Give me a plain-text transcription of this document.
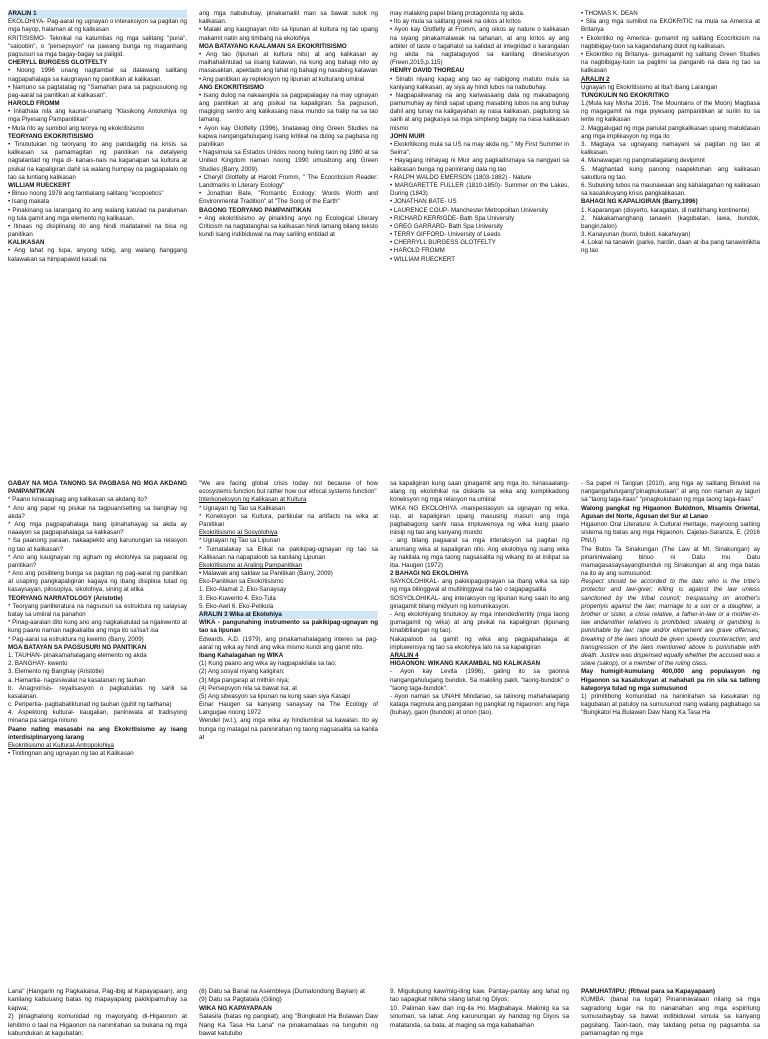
ARALIN 1

EKOLOHIYA- Pag-aaral ng ugnayan o interaksiyon sa pagitan ng mga hayop, halaman at ng kalikasan

KRITISISMO- Teknikal na katumbas ng mga salitang "puna", "saloobin", o "persepsyon" na pawang bunga ng maganhang pagsusuri sa mga bagay-bagay sa paligid.

CHERYLL BURGESS GLOTFELTY

• Noong 1996 unang nagtambal sa dalawang salitang nagpapahalaga sa kaugnayan ng panitikan at kalikasan.

• Namuno sa pagtatatag ng "Samahan para sa pagsusulong ng pag-aaral sa panitikan at kalikasan".

HAROLD FROMM

• Inilathala nila ang kauna-unahang "Klasikong Antolohiya ng mga Piyesang Pampanitikan"

• Mula rito ay sumibol ang teorya ng ekokritisismo

TEORYANG EKOKRITISISMO

• Tinututukan ng teoryang ito ang pandaigdig na krisis sa kalikasan sa pamamagitan ng panitikan na detalyeng naglalantad ng mga di- kanais-nais na kaganapan sa kultura at pisikal na kapaligiran dahil sa walang humpay na pagpapalalo ng tao sa luntiang kalikasan

WILLIAM RUECKERT

• Binuo noong 1978 ang tambalang salitang "ecopoetics"

• Isang makata

• Pinakinang sa larangang ito ang walang katulad na paraluman ng tula gamit ang mga elemento ng kalikasan.

• Itinaas ng disiplinang ito ang hindi maitatakwil na bisa ng panitikan

KALIKASAN

• Ang lahat ng lupa, anyong tubig, ang walang hanggang kalawakan sa himpapawid kasali na

ang mga nabubuhay, pinakamaliit man sa bawat sulok ng kalikasan.

• Malaki ang kaugnayan nito sa lipunan at kultura ng tao upang makamit natin ang timbang na ekolohiya

MGA BATAYANG KAALAMAN SA EKOKRITISISMO

• Ang tao (lipunan at kultura nito) at ang kalikasan ay maihahalintulad sa iisang katawan, na kung ang bahagi nito ay masasaktan, apektado ang lahat ng bahagi ng nasabing katawan

• Ang panitikan ay repleksyon ng lipunan at kulturang umiiral

ANG EKOKRITISISMO

• Isang dulog na nakaangkla sa pagpapalagay na may ugnayan ang panitikan at ang pisikal na kapaligiran. Sa pagsusuri, magiging sentro ang kalikasang nasa mundo sa halip na sa tao lamang.

• Ayon kay Glotfelty (1996), tinatawag ding Green Studies na kapwa nangangahulugang isang kritikal na dulog sa pagbasa ng panitikan

• Nagsimula sa Estados Unidos noong huling taon ng 1980 at sa United Kingdom naman noong 1990 umusbong ang Green Studies (Barry, 2009).

• Cheryll Glotfelty at Harold Fromm, " The Ecocriticism Reader: Landmarks in Literary Ecology"

• Jonathan Bate, "Romantic Ecology: Words Worth and Environmental Tradition" at "The Song of the Earth"

BAGONG TEORYANG PAMPANITIKAN

• Ang ekokritisismo ay pinaikling anyo ng Ecological Literary Criticism na nagtatanghal sa kalikasan hindi lamang bilang teksto kundi isang indibiduwal na may sariling entidad at

may malaking papel bilang protagonista ng akda.

• Ito ay mula sa salitang greek na oikos at kritos

• Ayon kay Glotfelty at Fromm, ang oikos ay nature o kalikasan na siyang pinakamalawak na tahanan, at ang kritos ay ang arbiter of taste o tagahatol sa kalidad at integridad o karangalan ng akda na nagtataguyod sa kanilang dineskursyon (Freen,2015,p.115)

HENRY DAVID THOREAU

• Sinabi niyang kapag ang tao ay nabigong matuto mula sa kaniyang kalikasan, ay siya ay hindi lubos na nabubuhay.

• Nagpapaliwanag na ang kariwasaang dala ng makabagong pamumuhay ay hindi sapat upang masabing lubos na ang buhay dahil ang tunay na kaligayahan ay nasa kalikasan, pagtulong sa sarili at ang pagkasya sa mga simpleng bagay na nasa kalikasan mismo

JOHN MUIR

• Ekokritikong mula sa US na may akda ng, " My First Summer in Seirra",

• Hayagang inihayag ni Muir ang pagkadismaya sa nangyari sa kalikasan bunga ng paninirang dala ng tao

• RALPH WALDO EMERSON (1803-1882) - Nature

• MARGARETTE FULLER (1810-1850)- Summer on the Lakes, During (1843)

• JONATHAN BATE- US

• LAURENCE COUP- Manchester Metropolitan University

• RICHARD KERRIGDE- Bath Spa University

• GREG GARRARD- Bath Spa University

• TERRY GIFFORD- University of Leeds

• CHERRYLL BURGESS GLOTFELTY

• HAROLD FROMM

• WILLIAM RUECKERT

• THOMAS K. DEAN

• Sila ang mga sumibol na EKOKRITIC na mula sa America at Britanya

• Ekokritiko ng America- gumamit ng salitang Ecocriticism na nagbibigay-tuon sa kagandahang dulot ng kalikasan.

• Ekokritiko ng Britanya- gumagamit ng salitang Green Studies na nagbibigay-tuon sa paglimi sa panganib na dala ng tao sa kalikasan

ARALIN 2

Ugnayan ng Ekokritisismo at Iba't ibang Larangan

TUNGKULIN NG EKOKRITIKO

1.(Mula kay Misha 2016, The Mountains of the Moon) Magbasa ng magagamit na mga piyesang pampanitikan at suriin ito sa lente ng kalikasan

2. Maggalugad ng mga panulat pangkalikasan upang matuklasan ang mga implikasyon ng mga ito

3. Magtaya sa ugnayang namayani sa pagitan ng tao at kalikasan.

4. Manawagan ng pangmatagalang devlpmnt

5. Maghantad kung panong naapektuhan ang kalikasan sakultura ng tao.

6. Subuking lubos na maunawaan ang kahalagahan ng kalikasan sa kasalukuyang krisis pangkalikasan.

BAHAGI NG KAPALIGIRAN (Barry,1996)

1. Kaparangan (disyerto, karagatan, di natitirhang kontinente)

2. Nakakamanghang tanawin (kagubatan, lawa, bundok, bangin,talon)

3. Kanayunan (burol, bukid, kakahuyan)

4. Lokal na tanawin (parke, hardin, daan at iba pang tanawinlikha ng tao

GABAY NA MGA TANONG SA PAGBASA NG MGA AKDANG PAMPANITIKAN

* Paano isinasagisag ang kalikasan sa akdang ito?

* Ano ang papel ng pisikal na tagpuan/setting sa banghay ng akda?

* Ang mga pagpapahalaga bang ipinahahayag sa akda ay naaayon sa pagpapahalaga sa kalikasan?

* Sa paanong paraan, nakaapekto ang karunungan sa relasyon ng tao at kalikasan?

* Ano ang kaugnayan ng agham ng ekolohiya sa pagaaral ng panitikan?

* Ano ang posibleng bunga sa pagitan ng pag-aaral ng panitikan at usaping pangkapaligiran kagaya ng ibang disiplina tulad ng kasaysayan, pilosopiya, sikolohiya, sining at etika

TEORYANG NARRATOLOGY (Aristotle)

* Teoryang panliteratura na nagsusuri sa estruktura ng salaysay batay sa umiiral na panahon

* Pinag-aaralan dito kung ano ang nagkakatulad sa ngakwento at kung paano naman nagkakaiba ang mga ito sa'isa't isa

* Pag-aaral sa estruktura ng kwento (Barry, 2009)

MGA BATAYAN SA PAGSUSURI NG PANITIKAN

1. TAUHAN- pinakamahalagang elemento ng akda

2. BANGHAY- kwento

3. Elemento ng Banghay (Aristotle)

a. Hamartia- nagsisiwalat na kasalanan ng tauhan

b. Anagnorisis- reyalisasyon o pagkatuklas ng sarili sa kasalanan.

c. Peripertia- pagbabaliktunad ng tauhan (guhit ng tadhana)

4. Aspektong kultural- kaugalian, paniniwala at tradisyong minana pa samga ninuno

Paano nating masasabi na ang Ekokritisismo ay isang interdisiplinaryong larang

Ekokritisismo at Kultural-Antropolohiya

• Tinitingnan ang ugnayan ng tao at Kalikasan

"We are facing global crisis today not because of how ecosystems function but rather how our ethical systems function"

Interkoneksyon ng Kalikasan at Kultura

* Ugnayan ng Tao sa Kalikasan

* Koneksyon sa Kultura, partikular na artifacts na wika at Panitikan

Ekokritisismo at Sosyolohiya

* Ugnayan ng Tao sa Lipunan

* Tumatalakay sa Etikal na pakikipag-ugnayan ng tao sa Kalikasan na napapaloob sa kanilang Lipunan

Ekokritisismo at Araling Pampanitikan

• Malawak ang saklaw sa Panitikan (Barry, 2009)

Eko-Panitikan sa Ekokritisismo

1. Eko-Alamat 2. Eko-Sanaysay

3. Eko-Kuwento 4. Eko-Tula

5. Eko-Awit 6. Eko-Pelikula

ARALIN 3 Wika at Ekolohiya

WIKA - pangunahing instrumento sa pakikipag-ugnayan ng tao sa lipunan

Edwards, A.D. (1979), ang pinakamahalagang interes sa pag-aaral ng wika ay hindi ang wika mismo kundi ang gamit nito.

Ibang Kahalagahan ng WIKA

(1) Kung paano ang wika ay nagpapakilala sa tao;

(2) Ang sosyal niyang kaligiran;

(3) Mga pangarap at mithiin niya;

(4) Persepsyon nila sa bawat isa; at

(5) Ang sitwasyon sa lipunan na kung saan siya Kasapi

Einar Haugen sa kanyang sanaysay na The Ecology of Langugae noong 1972

Wendel (w.t.), ang mga wika ay hindiumiiral sa kawalan. Ito ay bunga ng matagal na paninirahan ng taong nagsasalita sa kanila at

sa kapaligiran kung saan ginagamit ang mga ito. Isinasaalang-alang ng ekolohikal na diskarte sa wika ang kumplikadong koneksyon ng mga relasyon na umiiral

WIKA NG EKOLOHIYA -manipestasyon sa ugnayan ng wika, isip, at kapaligiran upang masusing masuri ang mga pagbabagong sanhi nasa impluwensya ng wika kung paano iniisip ng tao ang kanyang mundo

- ang bilang pagaaral sa mga interaksyon sa pagitan ng anumang wika at kapaligiran nito. Ang ekolohiya ng isang wika ay nakilala ng mga taong nagsasalita ng wikang ito at inilipat sa iba. Haugen (1972)

2 BAHAGI NG EKOLOHIYA

SAYKOLOHIKAL- ang pakikipagugnayan sa ibang wika sa isip ng mga bilinggwal at multilinggwal na tao o tagapagsalita

SOSYOLOHIKAL- ang interaksyon ng lipunan kung saan ito ang ginagamit bilang midyum ng komunikasyon.

- Ang ekolohiyang tinutukoy ay mga intended/entity (mga taong gumagamit ng wika) at ang pisikal na kapaligiran (lipunang kinabibilangan ng tao).

Nakapaloob sa gamit ng wika ang pagpapahalaga at impluwensya ng tao sa ekolohiya lalo na sa kapaligiran

ARALIN 4

HIGAONON: WIKANG KAKAMBAL NG KALIKASAN

- Ayon kay Levita (1996), galing ito sa gaonna nangangahulugang bundok. Sa makiling pakli, "taong-bundok" o "taong taga-bundok".

- Ayon naman sa UNAHI Mindanao, sa talinong mahahalagang kataga nagmula ang pangalan ng pangkat ng higaonon: ang higa (buhay), gaon (bundok) at onon (tao).

- Sa papel ni Tangian (2010), ang higa ay salitang Binukid na nangangahulugang"pinagkukutaan" at ang non naman ay taguri sa "taong taga-itaas" "pinagkukutaan ng mga taong taga-itaas"

Walong pangkat ng Higaonon Bukidnon, Misamis Oriental, Agusan del Norte, Agusan del Sur at Lanao

Higaonon Oral Literature: A Cultural Heritage, mayroong sariling sistema ng batas ang mga Higaonon. Cajetas-Saranza, E. (2016 PNU)

The Butos Ta Sinakungan (The Law at Mt. Sinakungan) ay pinaniniwalang binuo ni Datu Inu Datu mamagasasaysayangbunduk ng Sinakungan at ang mga batas na ito ay ang sumusunod:

Respect should be accorded to the datu who is the tribe's protector and law-giver; killing is against the law unless sanctioned by the tribal council; trespassing on another's propertyis against the law; marriage to a son or a daughter, a brother or sister, a close relative, a father-in-law or a mother-in-law andanother relatives is prohibited; stealing or gambling is punishable by law; rape and/or elopement are grave offenses; breaking of the laws should be given speedy counteraction; and transgression of the laws mentioned above is punishable with death. Justice was dispensed equally whether the accused was a slave (sakop), or a member of the ruling class.

May humigit-kumulang 400,000 ang populasyon ng Higaonon sa kasalukuyan at nahahati pa rin sila sa tatlong kategorya tulad ng mga sumusunod

1) primitibong komunidad na naninirahan sa kasukalan ng kagubatan at patuloy na sumusunod nang walang pagbabago sa "Bungkatol Ha Bulawan Daw Nang Ka Tasa Ha

Lana" (Hangarin ng Pagkakaisa, Pag-ibig at Kapayapaan), ang kanilang kabuuang batas ng mapayapang pakikipamuhay sa kapwa;

2) pinaghalong komunidad ng mayoryang di-Higaonon at lehitimo o taal na Higaonon na naninirahan sa bukana ng mga kabundukan at kagubatan;

(8) Datu sa Banal na Asembleya (Dumalondong Baylan) at

(9) Datu sa Pagtatala (Giling)

WIKA NG KAPAYAPAAN

Salasila (batas ng pangkat), ang "Bungkatol Ha Bulawan Daw Nang Ka Tasa Ha Lana" na pinakamataas na tunguhin ng bawat katutubo

9. Migulupung kaw/mig-iling kaw. Pantay-pantay ang lahat ng tao sapagkat nilikha silang lahat ng Diyos;

10. Paliman kaw dan ing-ila Ho Magbabaya. Makinig ka sa sinuman, sa lahat. Ang karunungan ay handog ng Diyos sa matatanda, sa bata, at maging sa mga kababaihan

PAMUHAT/IPU: (Ritwal para sa Kapayapaan)

KUMBA: (banal na lugar) Pinaniniwalaan nilang sa mga sagradong lugar na ito nananahan ang mga espiritung sumusubaybay sa bawat indibiduwal simula sa kanyang pagsilang. Taon-taon, may takdang petsa ng pagsamba sa pamamagitan ng mga
